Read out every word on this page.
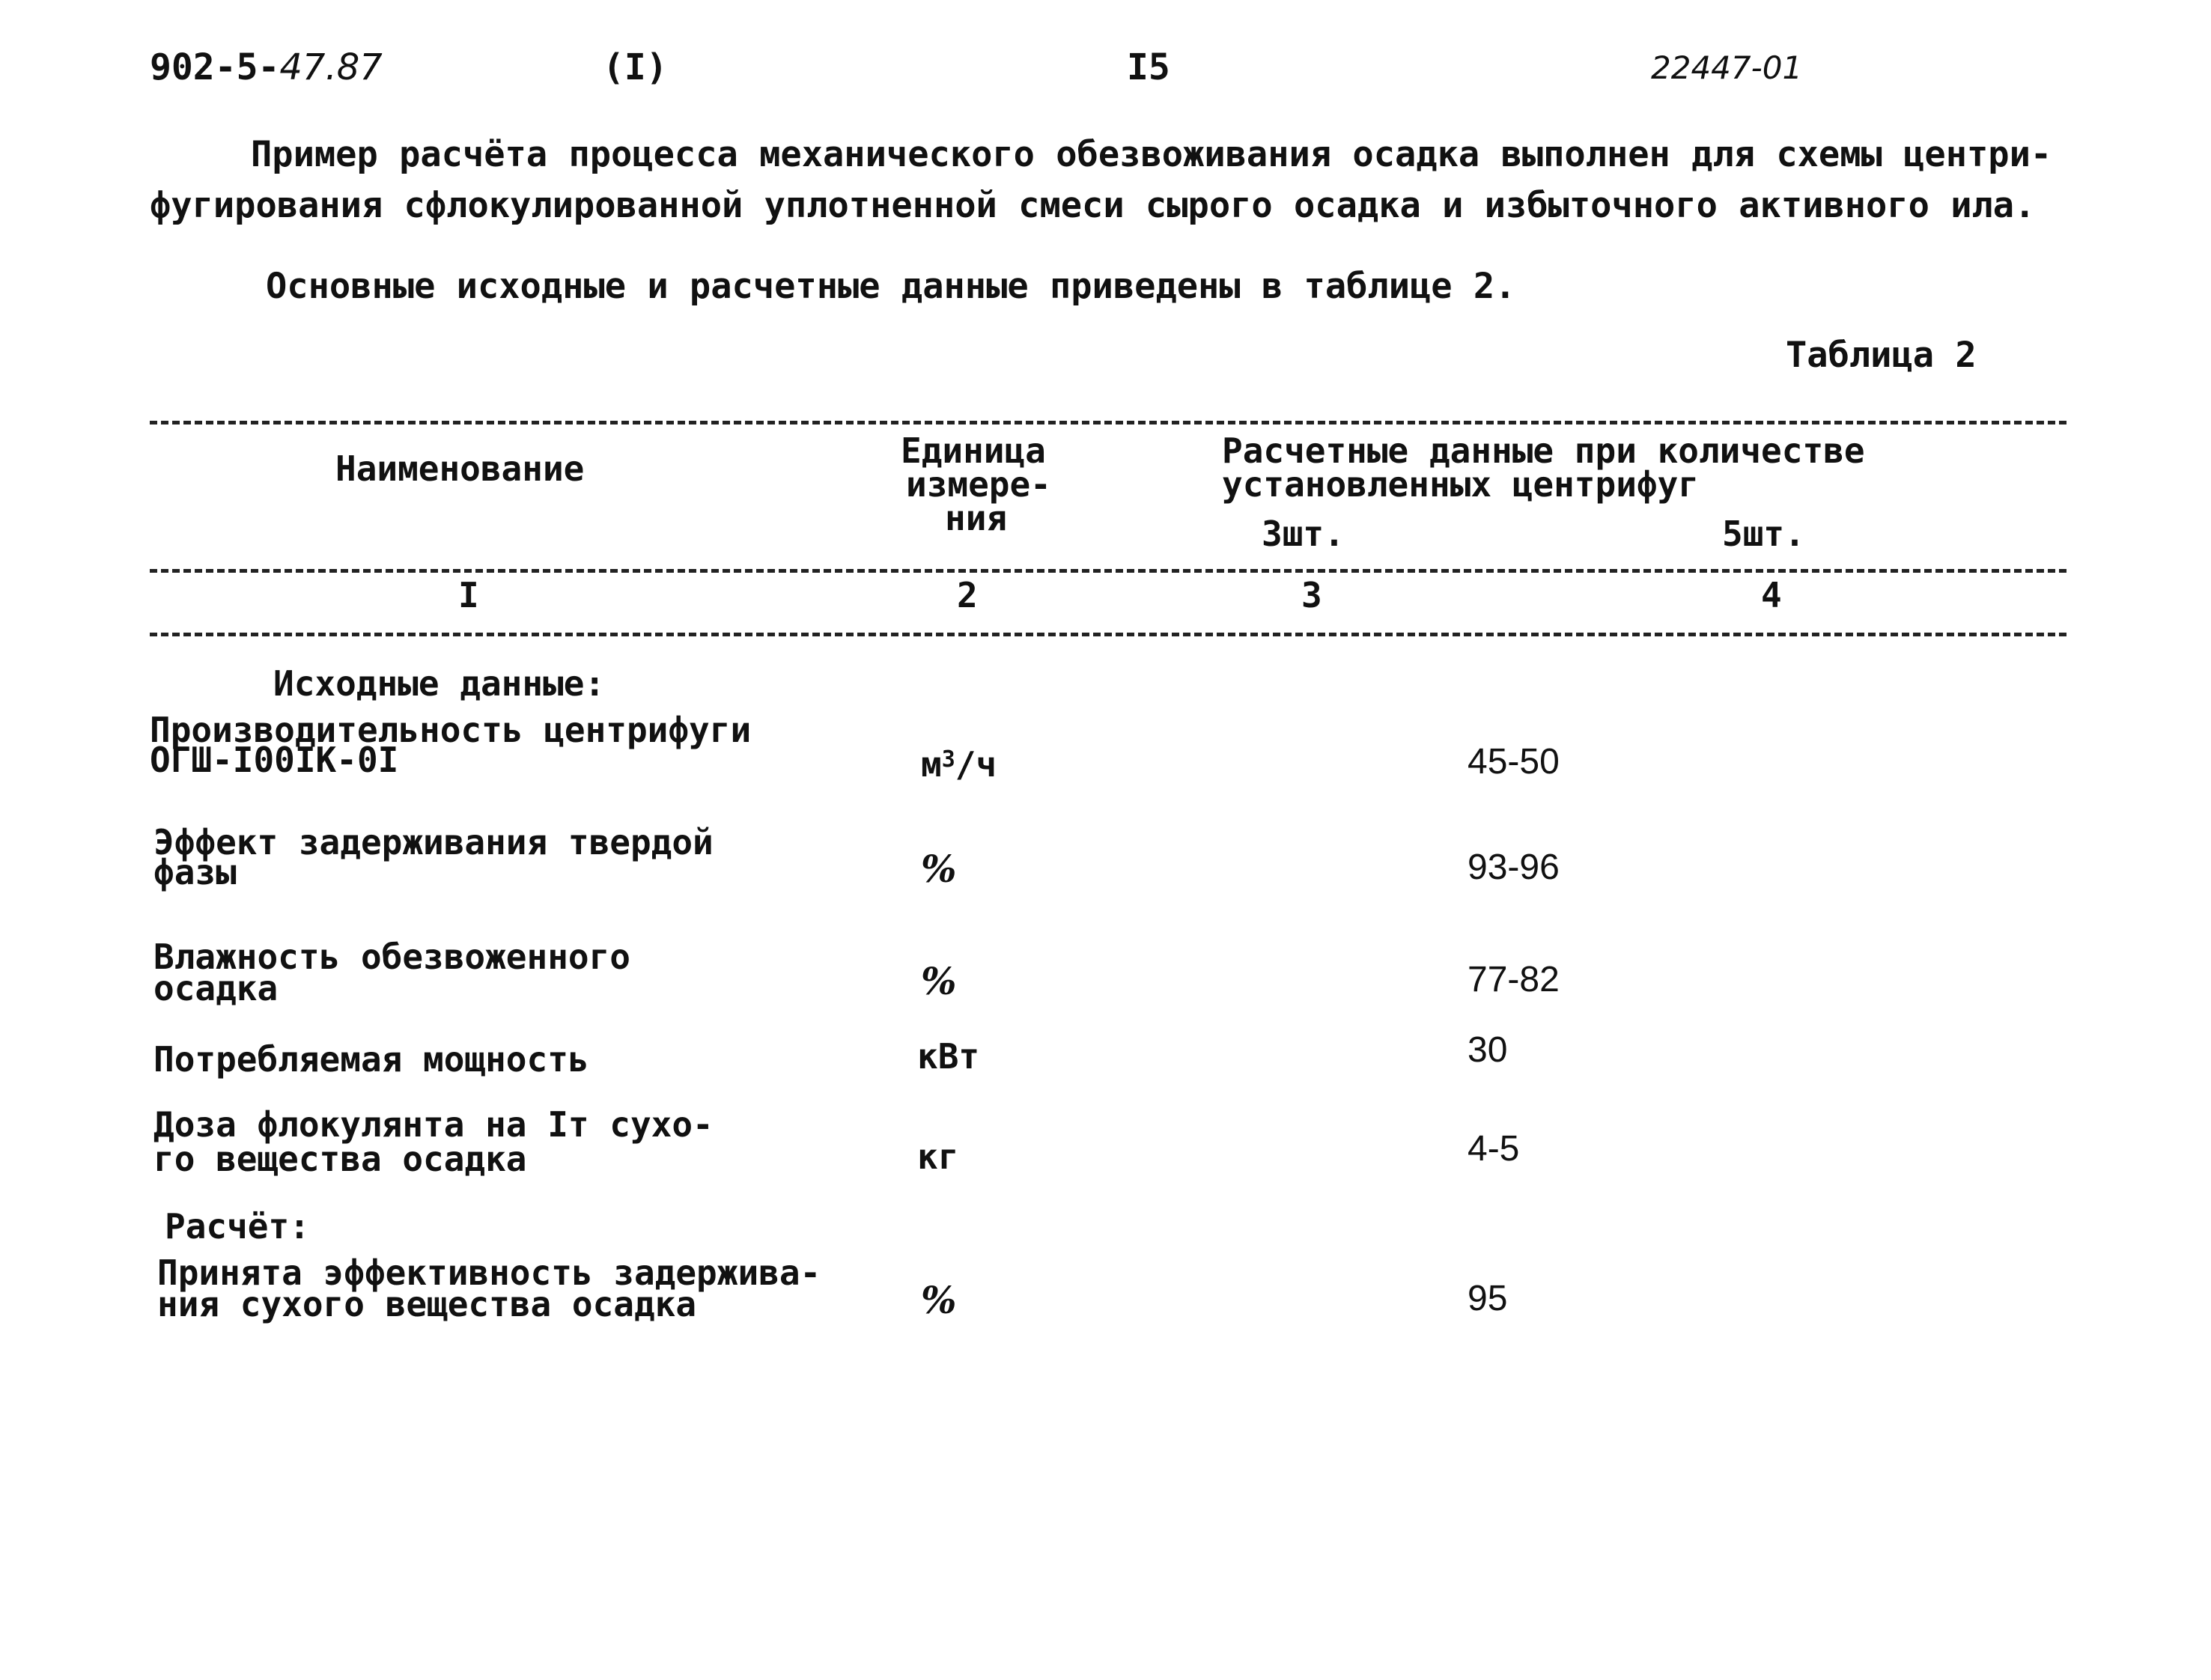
902-5-47.87	(I)	I5	22447-01
Пример расчёта процесса механического обезвоживания осадка выполнен для схемы центри-
фугирования сфлокулированной уплотненной смеси сырого осадка и избыточного активного ила.
Основные исходные и расчетные данные приведены в таблице 2.
Таблица 2
Наименование	Единица
измере-
ния
Расчетные данные при количестве
установленных центрифуг
3шт.	5шт.
I	2	3	4
Исходные данные:
Производительность центрифуги
ОГШ-I00IК-0I	$м^3/ч$	45-50
Эффект задерживания твердой
фазы	%	93-96
Влажность обезвоженного
осадка	%	77-82
Потребляемая мощность	кВт	30
Доза флокулянта на Iт сухо-
го вещества осадка	кг	4-5
Расчёт:
Принята эффективность задержива-
ния сухого вещества осадка	%	95
